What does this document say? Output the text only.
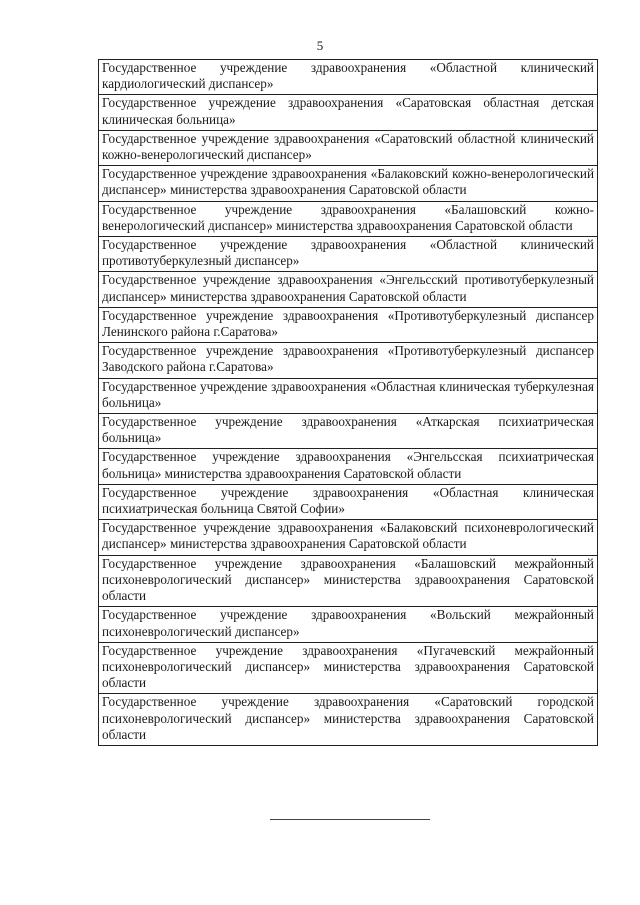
5
Государственное учреждение здравоохранения «Областной клинический кардиологический диспансер»
Государственное учреждение здравоохранения «Саратовская областная детская клиническая больница»
Государственное учреждение здравоохранения «Саратовский областной клинический кожно-венерологический диспансер»
Государственное учреждение здравоохранения «Балаковский кожно-венерологический диспансер» министерства здравоохранения Саратовской области
Государственное учреждение здравоохранения «Балашовский кожно-венерологический диспансер» министерства здравоохранения Саратовской области
Государственное учреждение здравоохранения «Областной клинический противотуберкулезный диспансер»
Государственное учреждение здравоохранения «Энгельсский противотуберкулезный диспансер» министерства здравоохранения Саратовской области
Государственное учреждение здравоохранения «Противотуберкулезный диспансер Ленинского района г.Саратова»
Государственное учреждение здравоохранения «Противотуберкулезный диспансер Заводского района г.Саратова»
Государственное учреждение здравоохранения «Областная клиническая туберкулезная больница»
Государственное учреждение здравоохранения «Аткарская психиатрическая больница»
Государственное учреждение здравоохранения «Энгельсская психиатрическая больница» министерства здравоохранения Саратовской области
Государственное учреждение здравоохранения «Областная клиническая психиатрическая больница Святой Софии»
Государственное учреждение здравоохранения «Балаковский психоневрологический диспансер» министерства здравоохранения Саратовской области
Государственное учреждение здравоохранения «Балашовский межрайонный психоневрологический диспансер» министерства здравоохранения Саратовской области
Государственное учреждение здравоохранения «Вольский межрайонный психоневрологический диспансер»
Государственное учреждение здравоохранения «Пугачевский межрайонный психоневрологический диспансер» министерства здравоохранения Саратовской области
Государственное учреждение здравоохранения «Саратовский городской психоневрологический диспансер» министерства здравоохранения Саратовской области
